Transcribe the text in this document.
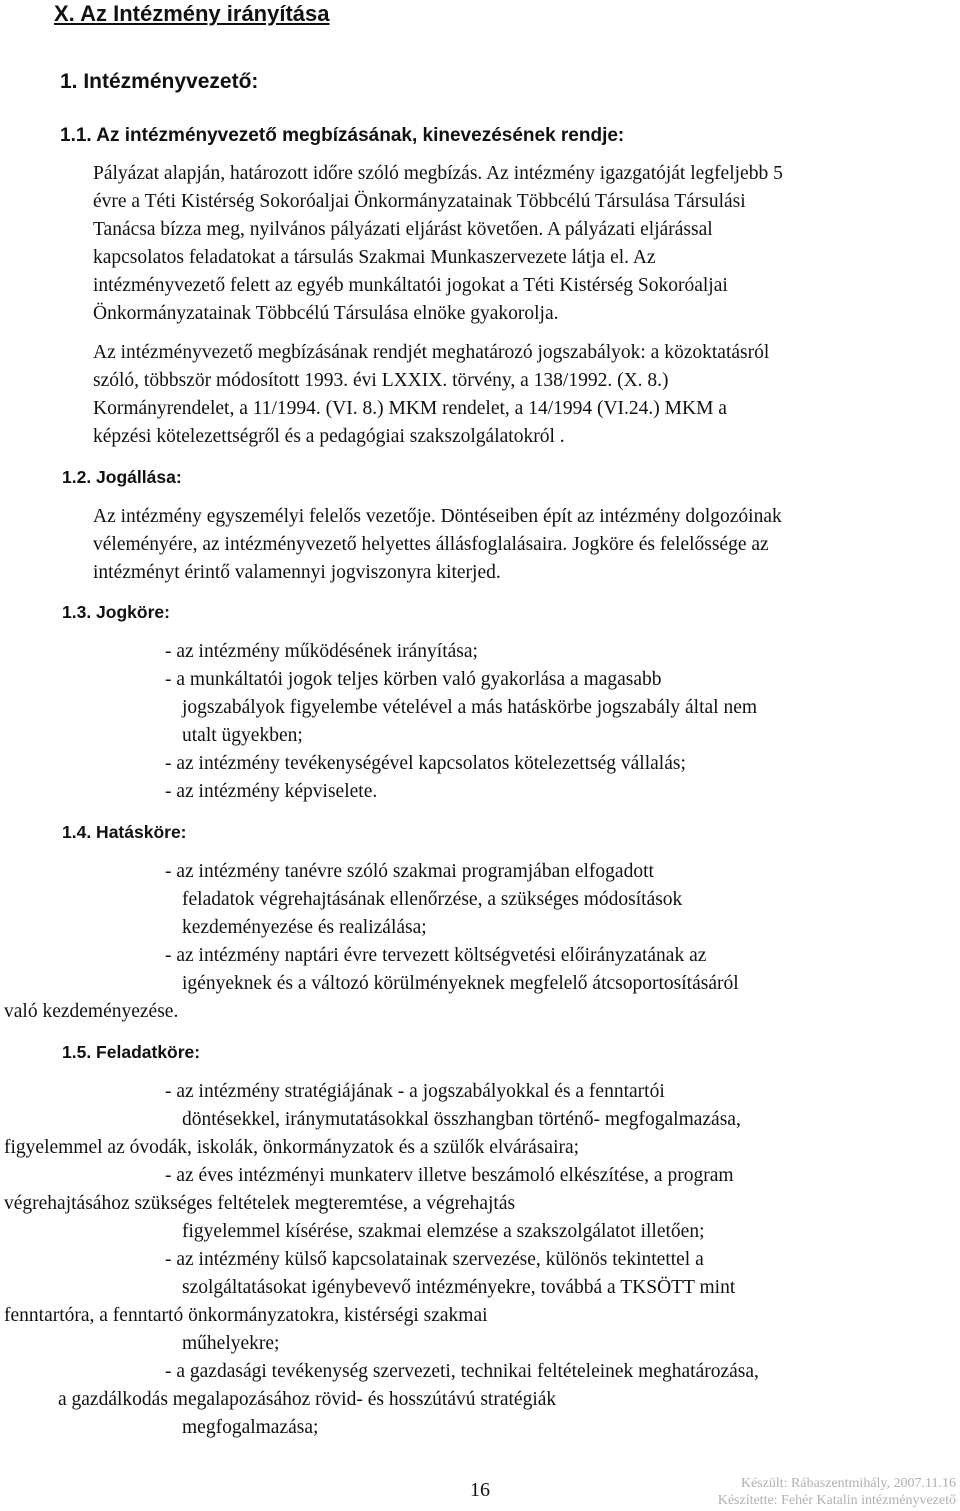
X. Az Intézmény irányítása
1. Intézményvezető:
1.1. Az intézményvezető megbízásának, kinevezésének rendje:
Pályázat alapján, határozott időre szóló megbízás. Az intézmény igazgatóját legfeljebb 5
évre a Téti Kistérség Sokoróaljai Önkormányzatainak Többcélú Társulása Társulási
Tanácsa bízza meg, nyilvános pályázati eljárást követően. A pályázati eljárással
kapcsolatos feladatokat a társulás Szakmai Munkaszervezete látja el. Az
intézményvezető felett az egyéb munkáltatói jogokat a Téti Kistérség Sokoróaljai
Önkormányzatainak Többcélú Társulása elnöke gyakorolja.
Az intézményvezető megbízásának rendjét meghatározó jogszabályok: a közoktatásról
szóló, többször módosított 1993. évi LXXIX. törvény, a 138/1992. (X. 8.)
Kormányrendelet, a 11/1994. (VI. 8.) MKM rendelet, a 14/1994 (VI.24.) MKM a
képzési kötelezettségről és a pedagógiai szakszolgálatokról .
1.2. Jogállása:
Az intézmény egyszemélyi felelős vezetője. Döntéseiben épít az intézmény dolgozóinak
véleményére, az intézményvezető helyettes állásfoglalásaira. Jogköre és felelőssége az
intézményt érintő valamennyi jogviszonyra kiterjed.
1.3. Jogköre:
- az intézmény működésének irányítása;
- a munkáltatói jogok teljes körben való gyakorlása a magasabb
jogszabályok figyelembe vételével a más hatáskörbe jogszabály által nem
utalt ügyekben;
- az intézmény tevékenységével kapcsolatos kötelezettség vállalás;
- az intézmény képviselete.
1.4. Hatásköre:
- az intézmény tanévre szóló szakmai programjában elfogadott
feladatok végrehajtásának ellenőrzése, a szükséges módosítások
kezdeményezése és realizálása;
- az intézmény naptári évre tervezett költségvetési előirányzatának az
igényeknek és a változó körülményeknek megfelelő átcsoportosításáról
való kezdeményezése.
1.5. Feladatköre:
- az intézmény stratégiájának - a jogszabályokkal és a fenntartói
döntésekkel, iránymutatásokkal összhangban történő- megfogalmazása,
figyelemmel az óvodák, iskolák, önkormányzatok és a szülők elvárásaira;
- az éves intézményi munkaterv illetve beszámoló elkészítése, a program
végrehajtásához szükséges feltételek megteremtése, a végrehajtás
figyelemmel kísérése, szakmai elemzése a szakszolgálatot illetően;
- az intézmény külső kapcsolatainak szervezése, különös tekintettel a
szolgáltatásokat igénybevevő intézményekre, továbbá a TKSÖTT mint
fenntartóra, a fenntartó önkormányzatokra, kistérségi szakmai
műhelyekre;
- a gazdasági tevékenység szervezeti, technikai feltételeinek meghatározása,
a gazdálkodás megalapozásához rövid- és hosszútávú stratégiák
megfogalmazása;
16	Készült: Rábaszentmihály, 2007.11.16
Készítette: Fehér Katalin intézményvezető
